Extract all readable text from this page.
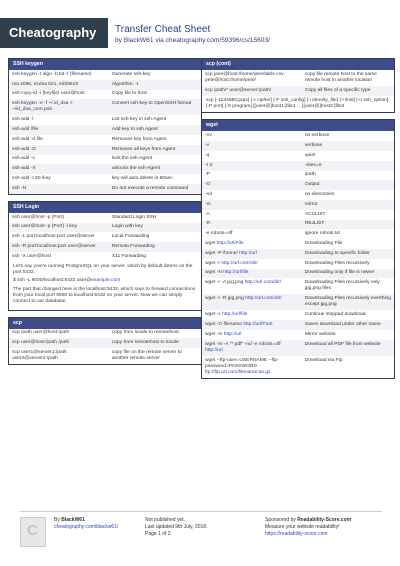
Cheatography	Transfer Cheat Sheet
by BlackW61 via cheatography.com/59396/cs/15603/
SSH keygen
ssh-keygen -t algo -b bit -f {filename}	Generate ssh-key
rsa 4096, ecdsa 521, ed25519	Algorithm: -t
ssh-copy-id -i {keyfile} user@host	Copy file to host
ssh-keygen -e -f ~/.id_dsa > ~/id_dsa_com.pub	Convert ssh-key to OpenSSH format
ssh-add -l	List ssh-key in ssh-Agent
ssh-add /file	Add key to ssh Agent
ssh-add -d file	Removes key from Agent
ssh-add -D	Removes all keys from Agent
ssh-add -x	lock the ssh-Agent
ssh-add -X	unlocks the ssh-Agent
ssh-add -t 60 /key	key will auto delete in 60sec
ssh -N	Do not execute a remote command
SSH Login
ssh user@host -p {Port}	Standard Login SSH
ssh user@host -p {Port} -i key	Login with key
ssh -L port:localhost:port user@server	Local Forwarding
ssh -R port:localhost:port user@server	Remote Forwarding
ssh -X user@host	X11 Forwarding

Let's say you're running PostgreSQL on your server, which by default listens on the port 5432.

$ ssh -L 9000/localhost:5432 user@example.com

The part that changed here is the localhost:5432, which says to forward connections from your local port 9000 to localhost:5432 on your server. Now we can simply connect to our database.

scp
scp /path user@host:/path	copy from locale to remotehost
scp user@host:/path /path	copy from remotehost to locale
scp user1@server1:/path user2@server2:/path	copy file on the remote server to another remote server
scp (cont)
scp jane@host:/home/jane/table.csv pete@host:/home/pete/	copy file remote host to the same remote host in another location
scp /path/* user@server:/path/	Copy all files of a specific type
scp [-12346BCpqrv] [-c cipher] [-F ssh_config] [-i identity_file] [-l limit] [-o ssh_option] [-P port] [-S program] [[user@]host1:]file1 ... [[user@]host2:]file2
wget
-nv	no-verbose
-v	verbose
-q	quiet
-t X	-tries=X
-P	/path
-O	Output
-nd	no-directories
-m	mirror
-A	ACCLIST
-R	REJLIST
-e robots=off	ignore robots.txt
wget http://url/File	Downloading File
wget -P /home/ http://url	Downloading to specific folder
wget -r http://url.com/dir/	Downloading Files recursively
wget -N http://url/file	Downloading only if file is newer
wget -r -A jpg,png http://url.com/dir/	Downloading Files recursively only jpg,png files
wget -r -R jpg,png http://url.com/dir/	Downloading Files recursively everthing except jpg,png
wget -c http://url/file	Continue stopped download
wget -O filename http://url/FILE	Saves download under other name
wget -m http://url	Mirror website
wget -m -A "*.pdf" -nd -e robots=off http://url	Download all PDF file from website
wget --ftp-user=USERNAME --ftp-password=PASSWORD ftp://ftp.url.com/filename.tar.gz	Download via Ftp
C
By BlackW61
cheatography.com/blackw61/
Not published yet.
Last updated 9th July, 2018.
Page 1 of 2.
Sponsored by Readability-Score.com
Measure your website readability!
https://readability-score.com
